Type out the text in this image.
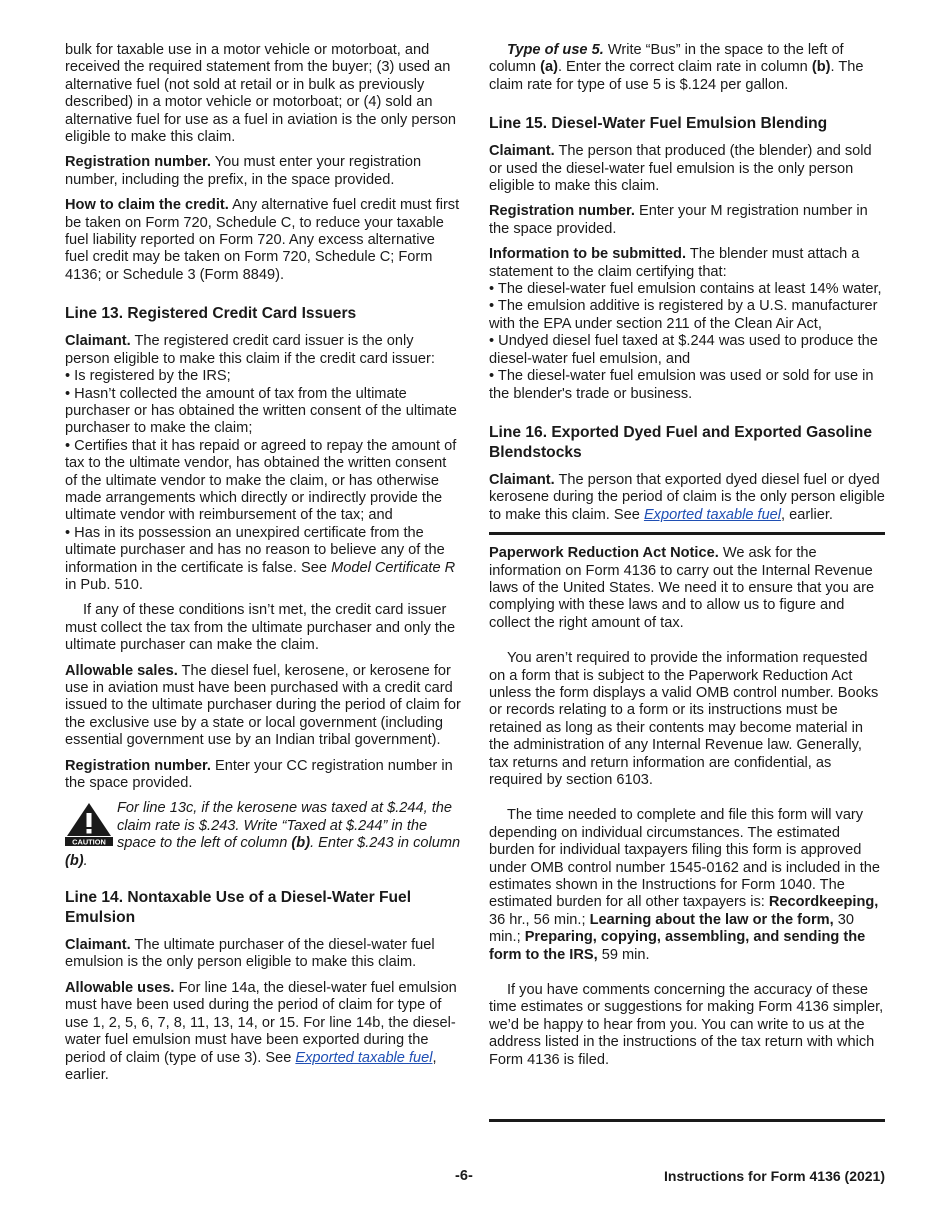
bulk for taxable use in a motor vehicle or motorboat, and received the required statement from the buyer; (3) used an alternative fuel (not sold at retail or in bulk as previously described) in a motor vehicle or motorboat; or (4) sold an alternative fuel for use as a fuel in aviation is the only person eligible to make this claim.

Registration number. You must enter your registration number, including the prefix, in the space provided.

How to claim the credit. Any alternative fuel credit must first be taken on Form 720, Schedule C, to reduce your taxable fuel liability reported on Form 720. Any excess alternative fuel credit may be taken on Form 720, Schedule C; Form 4136; or Schedule 3 (Form 8849).

Line 13. Registered Credit Card Issuers

Claimant. The registered credit card issuer is the only person eligible to make this claim if the credit card issuer:

• Is registered by the IRS;

• Hasn’t collected the amount of tax from the ultimate purchaser or has obtained the written consent of the ultimate purchaser to make the claim;

• Certifies that it has repaid or agreed to repay the amount of tax to the ultimate vendor, has obtained the written consent of the ultimate vendor to make the claim, or has otherwise made arrangements which directly or indirectly provide the ultimate vendor with reimbursement of the tax; and

• Has in its possession an unexpired certificate from the ultimate purchaser and has no reason to believe any of the information in the certificate is false. See Model Certificate R in Pub. 510.

If any of these conditions isn’t met, the credit card issuer must collect the tax from the ultimate purchaser and only the ultimate purchaser can make the claim.

Allowable sales. The diesel fuel, kerosene, or kerosene for use in aviation must have been purchased with a credit card issued to the ultimate purchaser during the period of claim for the exclusive use by a state or local government (including essential government use by an Indian tribal government).

Registration number. Enter your CC registration number in the space provided.

CAUTION
For line 13c, if the kerosene was taxed at $.244, the claim rate is $.243. Write “Taxed at $.244” in the space to the left of column (b). Enter $.243 in column (b).
Line 14. Nontaxable Use of a Diesel-Water Fuel Emulsion

Claimant. The ultimate purchaser of the diesel-water fuel emulsion is the only person eligible to make this claim.

Allowable uses. For line 14a, the diesel-water fuel emulsion must have been used during the period of claim for type of use 1, 2, 5, 6, 7, 8, 11, 13, 14, or 15. For line 14b, the diesel-water fuel emulsion must have been exported during the period of claim (type of use 3). See Exported taxable fuel, earlier.

Type of use 5. Write “Bus” in the space to the left of column (a). Enter the correct claim rate in column (b). The claim rate for type of use 5 is $.124 per gallon.

Line 15. Diesel-Water Fuel Emulsion Blending

Claimant. The person that produced (the blender) and sold or used the diesel-water fuel emulsion is the only person eligible to make this claim.

Registration number. Enter your M registration number in the space provided.

Information to be submitted. The blender must attach a statement to the claim certifying that:

• The diesel-water fuel emulsion contains at least 14% water,

• The emulsion additive is registered by a U.S. manufacturer with the EPA under section 211 of the Clean Air Act,

• Undyed diesel fuel taxed at $.244 was used to produce the diesel-water fuel emulsion, and

• The diesel-water fuel emulsion was used or sold for use in the blender's trade or business.

Line 16. Exported Dyed Fuel and Exported Gasoline Blendstocks

Claimant. The person that exported dyed diesel fuel or dyed kerosene during the period of claim is the only person eligible to make this claim. See Exported taxable fuel, earlier.

Paperwork Reduction Act Notice. We ask for the information on Form 4136 to carry out the Internal Revenue laws of the United States. We need it to ensure that you are complying with these laws and to allow us to figure and collect the right amount of tax.

You aren’t required to provide the information requested on a form that is subject to the Paperwork Reduction Act unless the form displays a valid OMB control number. Books or records relating to a form or its instructions must be retained as long as their contents may become material in the administration of any Internal Revenue law. Generally, tax returns and return information are confidential, as required by section 6103.

The time needed to complete and file this form will vary depending on individual circumstances. The estimated burden for individual taxpayers filing this form is approved under OMB control number 1545-0162 and is included in the estimates shown in the Instructions for Form 1040. The estimated burden for all other taxpayers is: Recordkeeping, 36 hr., 56 min.; Learning about the law or the form, 30 min.; Preparing, copying, assembling, and sending the form to the IRS, 59 min.

If you have comments concerning the accuracy of these time estimates or suggestions for making Form 4136 simpler, we’d be happy to hear from you. You can write to us at the address listed in the instructions of the tax return with which Form 4136 is filed.

-6-	Instructions for Form 4136 (2021)
